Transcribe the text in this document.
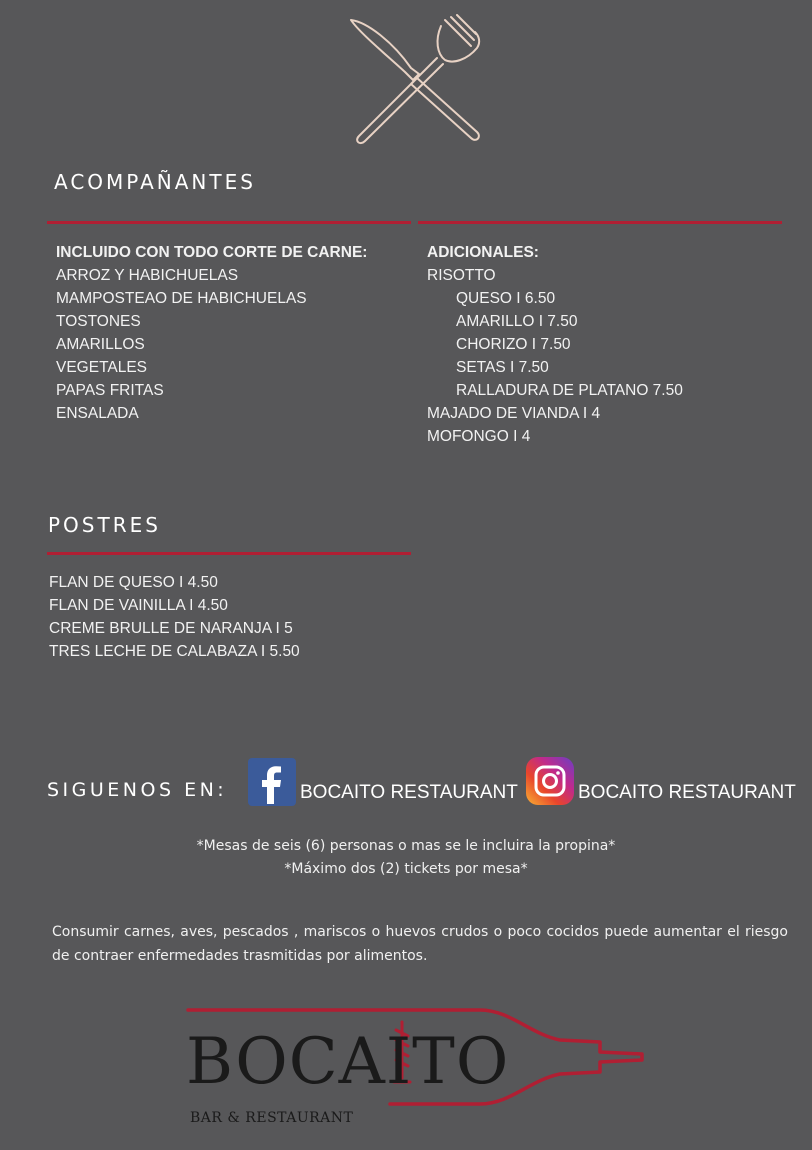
ACOMPAÑANTES
INCLUIDO CON TODO CORTE DE CARNE:
ARROZ Y HABICHUELAS
MAMPOSTEAO DE HABICHUELAS
TOSTONES
AMARILLOS
VEGETALES
PAPAS FRITAS
ENSALADA
ADICIONALES:
RISOTTO
QUESO I 6.50
AMARILLO I 7.50
CHORIZO I 7.50
SETAS I 7.50
RALLADURA DE PLATANO 7.50
MAJADO DE VIANDA I 4
MOFONGO I 4
POSTRES
FLAN DE QUESO I 4.50
FLAN DE VAINILLA I 4.50
CREME BRULLE DE NARANJA I 5
TRES LECHE DE CALABAZA I 5.50
SIGUENOS EN:	BOCAITO RESTAURANT	BOCAITO RESTAURANT
*Mesas de seis (6) personas o mas se le incluira la propina*
*Máximo dos (2) tickets por mesa*
Consumir carnes, aves, pescados , mariscos o huevos crudos o poco cocidos puede aumentar el riesgo de contraer enfermedades trasmitidas por alimentos.
BOCAITO
BAR & RESTAURANT
